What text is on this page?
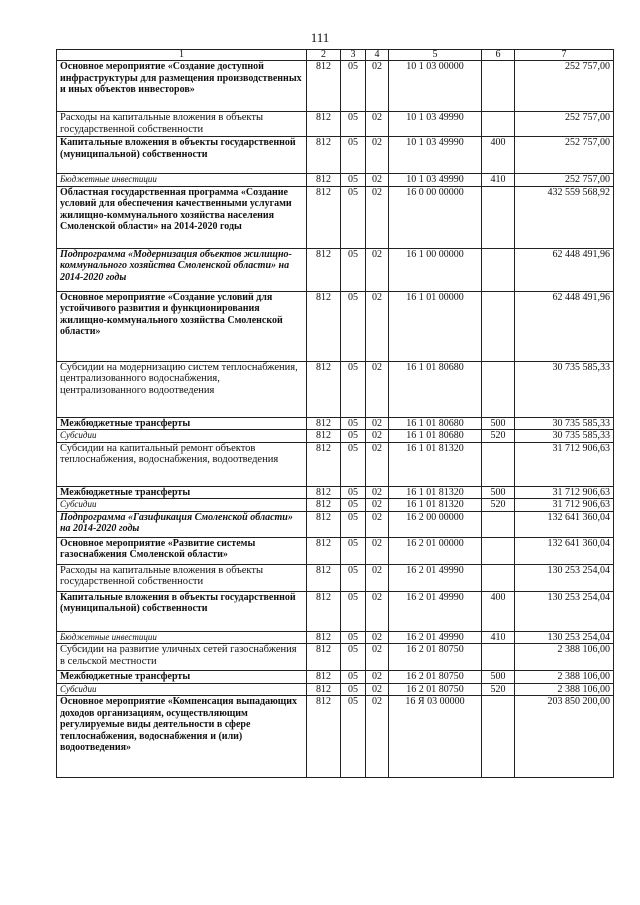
111
1	2	3	4	5	6	7
Основное мероприятие «Создание доступной инфраструктуры для размещения производственных и иных объектов инвесторов»	812	05	02	10 1 03 00000		252 757,00
Расходы на капитальные вложения в объекты государственной собственности	812	05	02	10 1 03 49990		252 757,00
Капитальные вложения в объекты государственной (муниципальной) собственности	812	05	02	10 1 03 49990	400	252 757,00
Бюджетные инвестиции	812	05	02	10 1 03 49990	410	252 757,00
Областная государственная программа «Создание условий для обеспечения качественными услугами жилищно-коммунального хозяйства населения Смоленской области» на 2014-2020 годы	812	05	02	16 0 00 00000		432 559 568,92
Подпрограмма «Модернизация объектов жилищно-коммунального хозяйства Смоленской области» на 2014-2020 годы	812	05	02	16 1 00 00000		62 448 491,96
Основное мероприятие «Создание условий для устойчивого развития и функционирования жилищно-коммунального хозяйства Смоленской области»	812	05	02	16 1 01 00000		62 448 491,96
Субсидии на модернизацию систем теплоснабжения, централизованного водоснабжения, централизованного водоотведения	812	05	02	16 1 01 80680		30 735 585,33
Межбюджетные трансферты	812	05	02	16 1 01 80680	500	30 735 585,33
Субсидии	812	05	02	16 1 01 80680	520	30 735 585,33
Субсидии на капитальный ремонт объектов теплоснабжения, водоснабжения, водоотведения	812	05	02	16 1 01 81320		31 712 906,63
Межбюджетные трансферты	812	05	02	16 1 01 81320	500	31 712 906,63
Субсидии	812	05	02	16 1 01 81320	520	31 712 906,63
Подпрограмма «Газификация Смоленской области» на 2014-2020 годы	812	05	02	16 2 00 00000		132 641 360,04
Основное мероприятие «Развитие системы газоснабжения Смоленской области»	812	05	02	16 2 01 00000		132 641 360,04
Расходы на капитальные вложения в объекты государственной собственности	812	05	02	16 2 01 49990		130 253 254,04
Капитальные вложения в объекты государственной (муниципальной) собственности	812	05	02	16 2 01 49990	400	130 253 254,04
Бюджетные инвестиции	812	05	02	16 2 01 49990	410	130 253 254,04
Субсидии на развитие уличных сетей газоснабжения в сельской местности	812	05	02	16 2 01 80750		2 388 106,00
Межбюджетные трансферты	812	05	02	16 2 01 80750	500	2 388 106,00
Субсидии	812	05	02	16 2 01 80750	520	2 388 106,00
Основное мероприятие «Компенсация выпадающих доходов организациям, осуществляющим регулируемые виды деятельности в сфере теплоснабжения, водоснабжения и (или) водоотведения»	812	05	02	16 Я 03 00000		203 850 200,00
